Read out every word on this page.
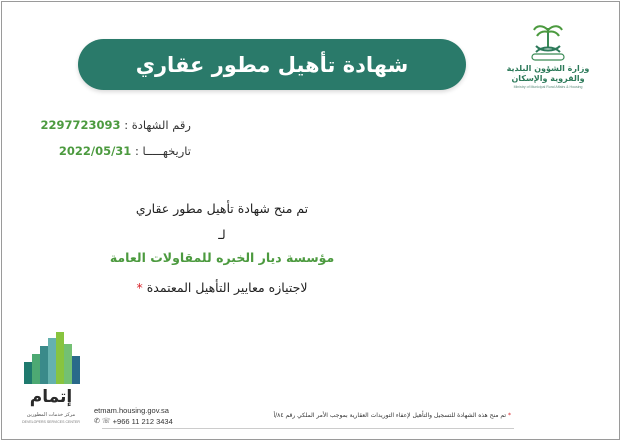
وزارة الشؤون البلدية
والقروية والإسكان
Ministry of Municipal Rural Affairs & Housing
شهادة تأهيل مطور عقاري
رقم الشهادة : 2297723093
تاريخهـــــا : 2022/05/31
تم منح شهادة تأهيل مطور عقاري
لـ
مؤسسة ديار الخبره للمقاولات العامة
لاجتيازه معايير التأهيل المعتمدة *
إتمام
مركز خدمات المطورين
DEVELOPERS SERVICES CENTER
etmam.housing.gov.sa
✆ ☏ +966 11 212 3434
* تم منح هذه الشهادة للتسجيل والتأهيل لإعفاء التوريدات العقارية بموجب الأمر الملكي رقم ٨٤/أ
